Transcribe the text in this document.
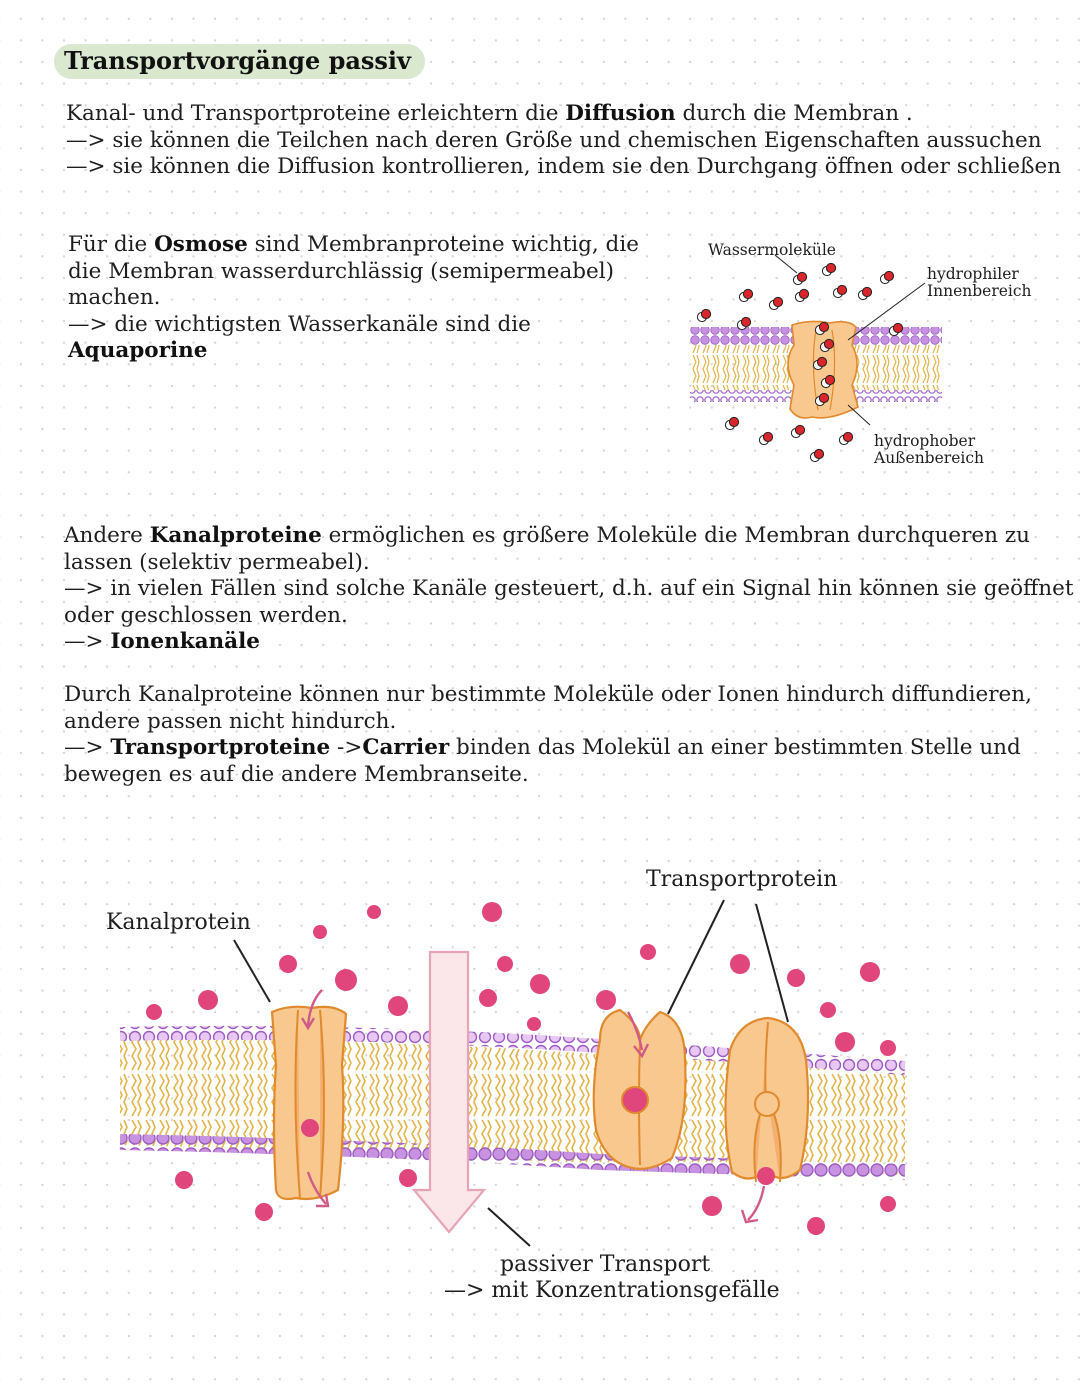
Transportvorgänge passiv
Kanal- und Transportproteine erleichtern die Diffusion durch die Membran .
—> sie können die Teilchen nach deren Größe und chemischen Eigenschaften aussuchen
—> sie können die Diffusion kontrollieren, indem sie den Durchgang öffnen oder schließen
Für die Osmose sind Membranproteine wichtig, die
die Membran wasserdurchlässig (semipermeabel)
machen.
—> die wichtigsten Wasserkanäle sind die
Aquaporine
Wassermoleküle
hydrophiler
Innenbereich
hydrophober
Außenbereich
Andere Kanalproteine ermöglichen es größere Moleküle die Membran durchqueren zu
lassen (selektiv permeabel).
—> in vielen Fällen sind solche Kanäle gesteuert, d.h. auf ein Signal hin können sie geöffnet
oder geschlossen werden.
—> Ionenkanäle
Durch Kanalproteine können nur bestimmte Moleküle oder Ionen hindurch diffundieren,
andere passen nicht hindurch.
—> Transportproteine ->Carrier binden das Molekül an einer bestimmten Stelle und
bewegen es auf die andere Membranseite.
Kanalprotein
Transportprotein
passiver Transport
—> mit Konzentrationsgefälle
